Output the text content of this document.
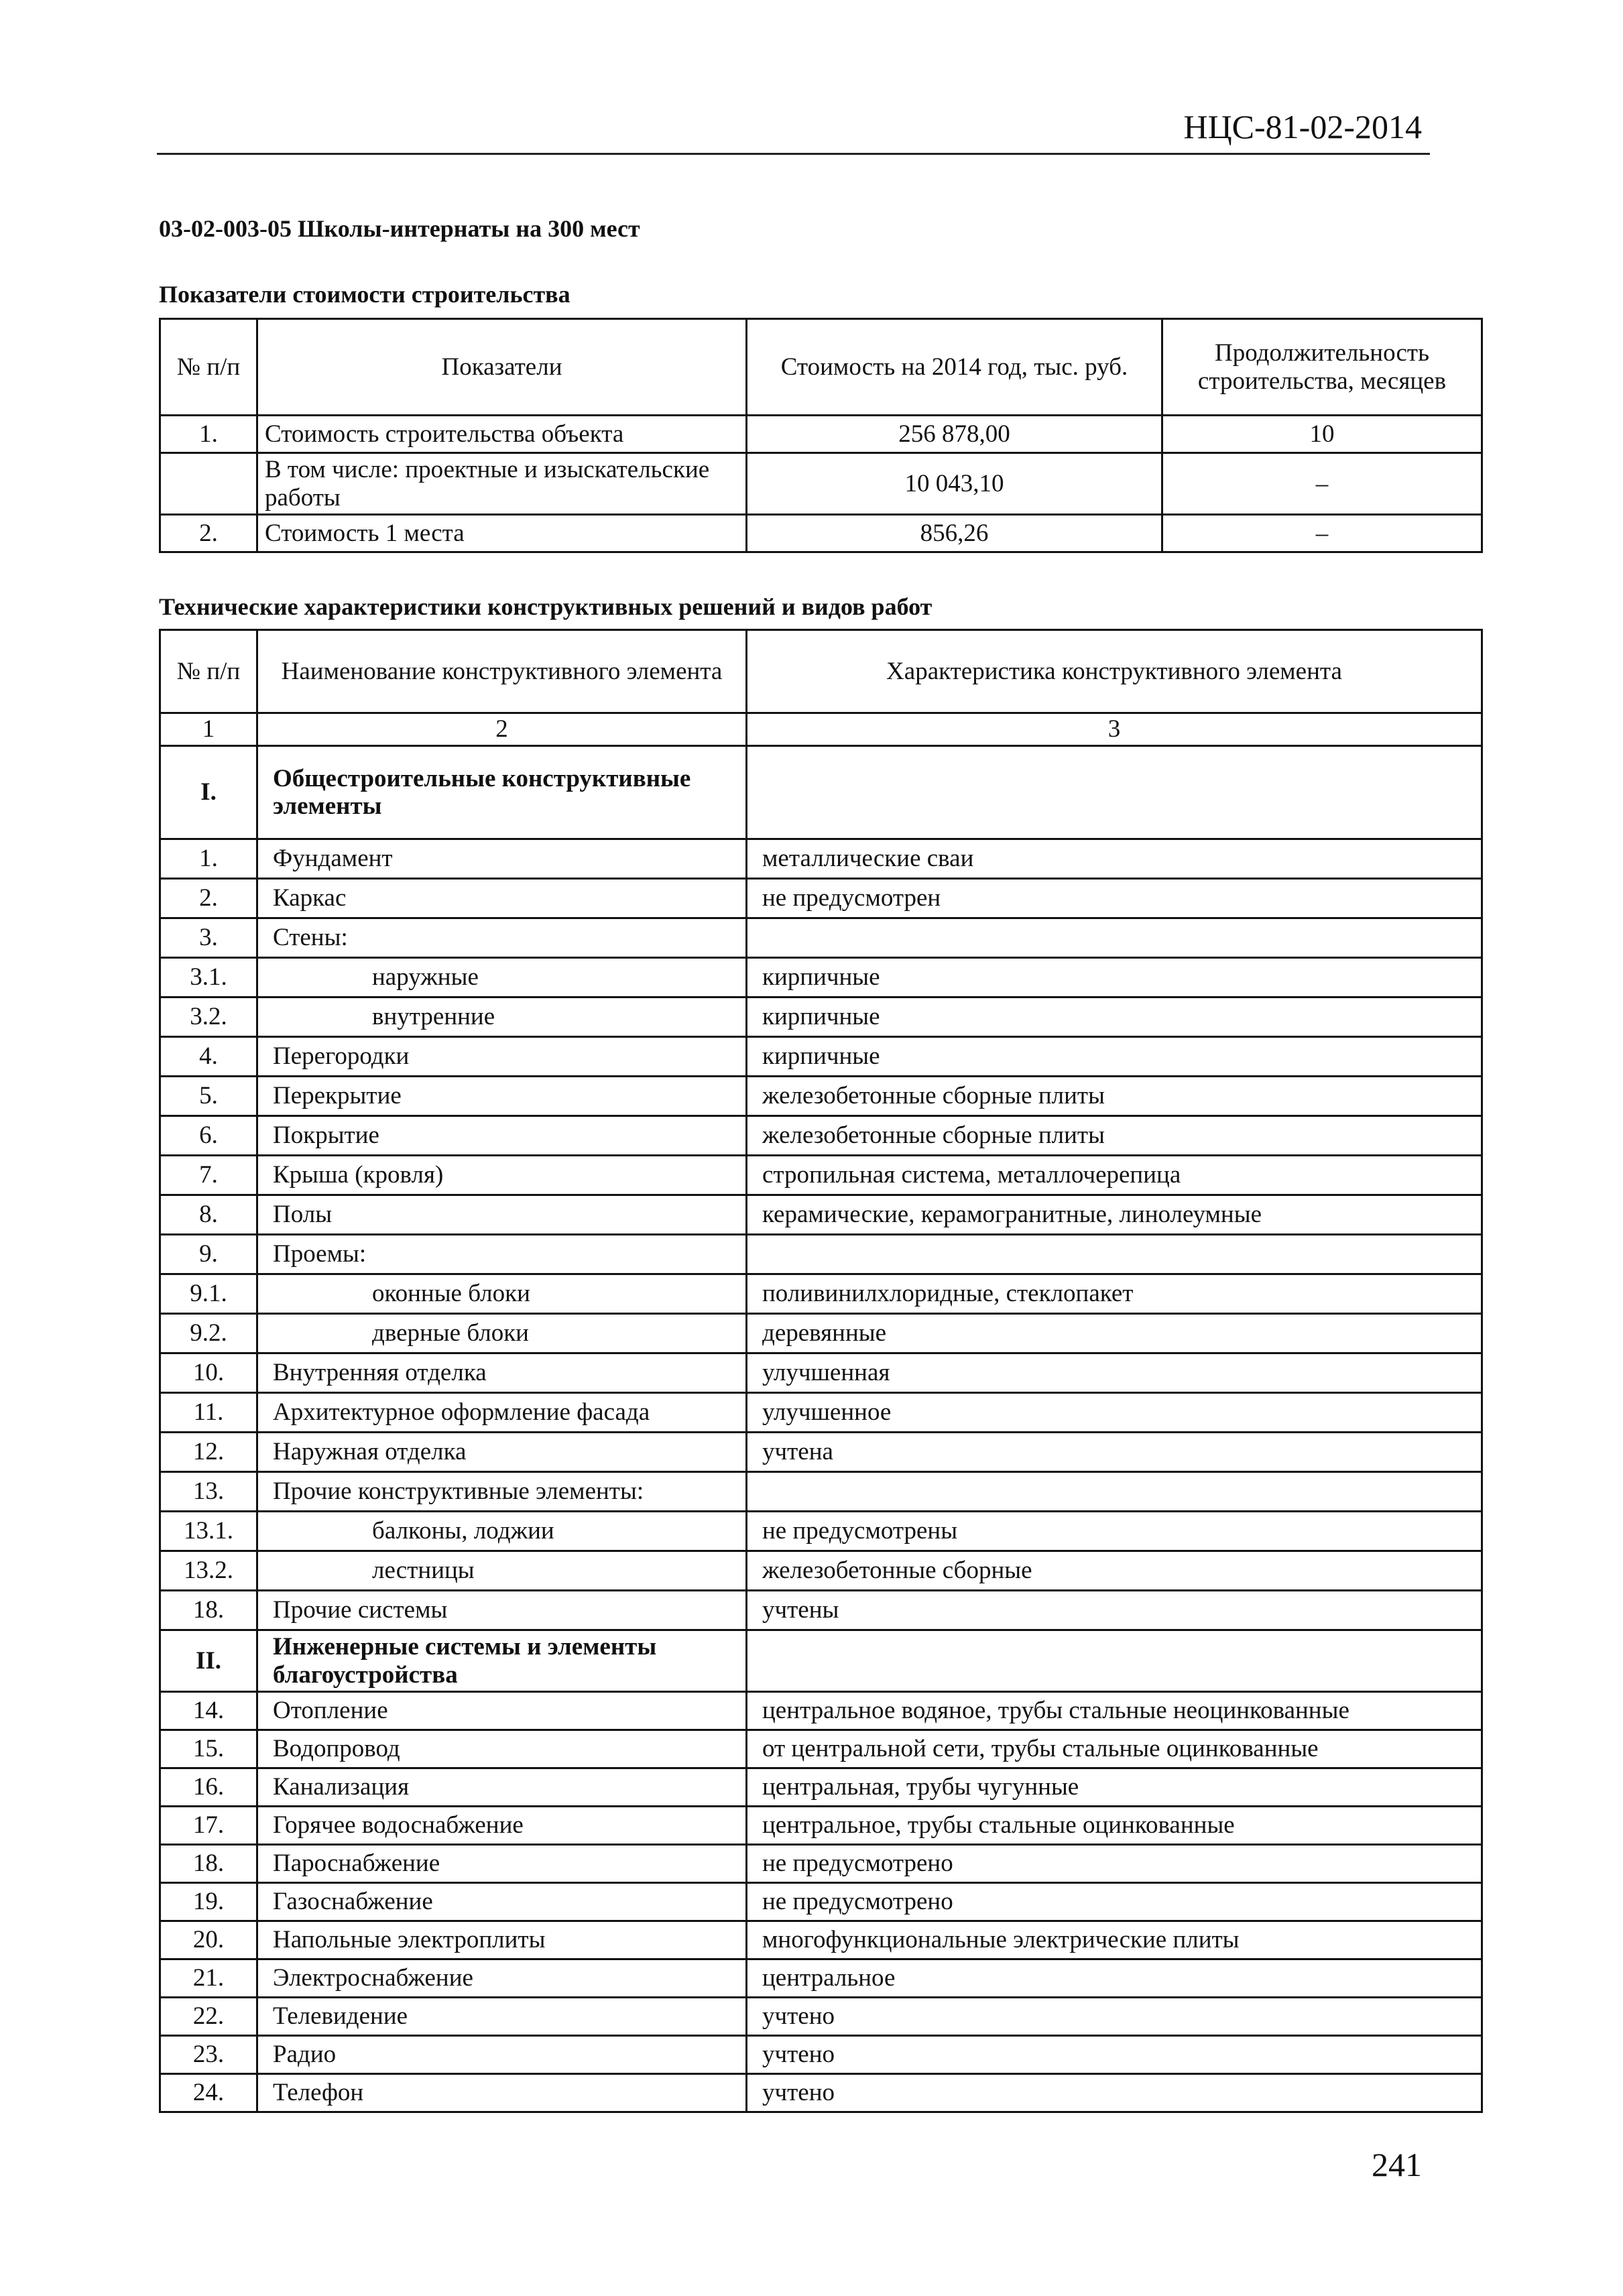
НЦС-81-02-2014
03-02-003-05 Школы-интернаты на 300 мест
Показатели стоимости строительства
№ п/п	Показатели	Стоимость на 2014 год, тыс. руб.	Продолжительность строительства, месяцев
1.	Стоимость строительства объекта	256 878,00	10
	В том числе: проектные и изыскательские работы	10 043,10	–
2.	Стоимость 1 места	856,26	–
Технические характеристики конструктивных решений и видов работ
№ п/п	Наименование конструктивного элемента	Характеристика конструктивного элемента
1	2	3
I.	Общестроительные конструктивные элементы	
1.	Фундамент	металлические сваи
2.	Каркас	не предусмотрен
3.	Стены:	
3.1.	наружные	кирпичные
3.2.	внутренние	кирпичные
4.	Перегородки	кирпичные
5.	Перекрытие	железобетонные сборные плиты
6.	Покрытие	железобетонные сборные плиты
7.	Крыша (кровля)	стропильная система, металлочерепица
8.	Полы	керамические, керамогранитные, линолеумные
9.	Проемы:	
9.1.	оконные блоки	поливинилхлоридные, стеклопакет
9.2.	дверные блоки	деревянные
10.	Внутренняя отделка	улучшенная
11.	Архитектурное оформление фасада	улучшенное
12.	Наружная отделка	учтена
13.	Прочие конструктивные элементы:	
13.1.	балконы, лоджии	не предусмотрены
13.2.	лестницы	железобетонные сборные
18.	Прочие системы	учтены
II.	Инженерные системы и элементы благоустройства	
14.	Отопление	центральное водяное, трубы стальные неоцинкованные
15.	Водопровод	от центральной сети, трубы стальные оцинкованные
16.	Канализация	центральная, трубы чугунные
17.	Горячее водоснабжение	центральное, трубы стальные оцинкованные
18.	Пароснабжение	не предусмотрено
19.	Газоснабжение	не предусмотрено
20.	Напольные электроплиты	многофункциональные электрические плиты
21.	Электроснабжение	центральное
22.	Телевидение	учтено
23.	Радио	учтено
24.	Телефон	учтено
241
